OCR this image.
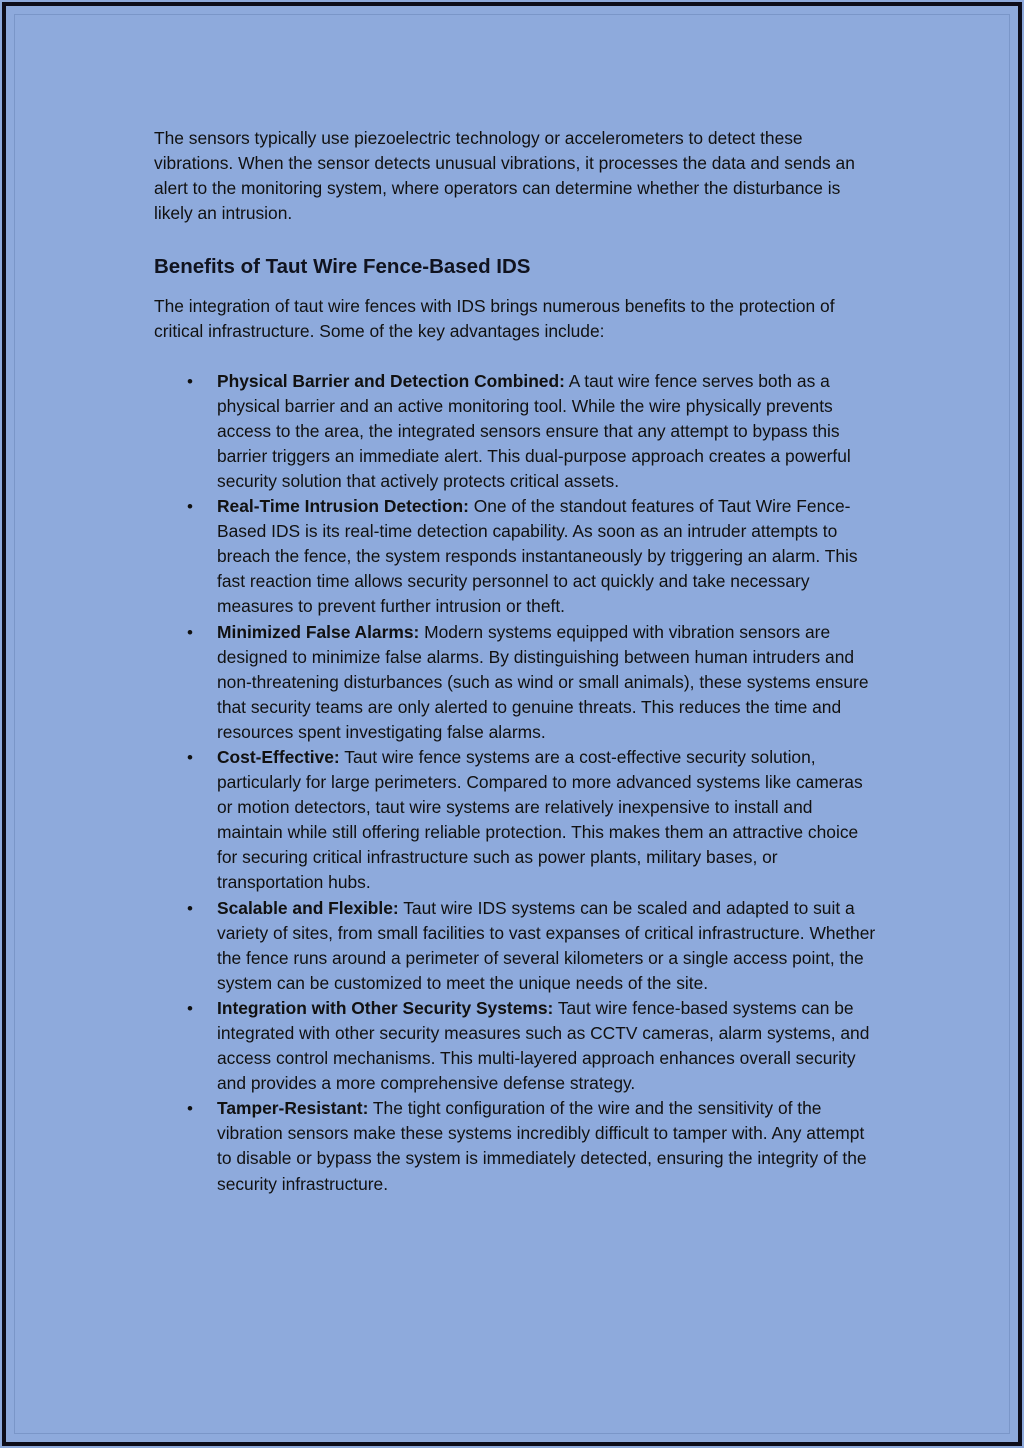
The sensors typically use piezoelectric technology or accelerometers to detect these vibrations. When the sensor detects unusual vibrations, it processes the data and sends an alert to the monitoring system, where operators can determine whether the disturbance is likely an intrusion.

Benefits of Taut Wire Fence-Based IDS

The integration of taut wire fences with IDS brings numerous benefits to the protection of critical infrastructure. Some of the key advantages include:

• Physical Barrier and Detection Combined: A taut wire fence serves both as a physical barrier and an active monitoring tool. While the wire physically prevents access to the area, the integrated sensors ensure that any attempt to bypass this barrier triggers an immediate alert. This dual-purpose approach creates a powerful security solution that actively protects critical assets.
• Real-Time Intrusion Detection: One of the standout features of Taut Wire Fence-Based IDS is its real-time detection capability. As soon as an intruder attempts to breach the fence, the system responds instantaneously by triggering an alarm. This fast reaction time allows security personnel to act quickly and take necessary measures to prevent further intrusion or theft.
• Minimized False Alarms: Modern systems equipped with vibration sensors are designed to minimize false alarms. By distinguishing between human intruders and non-threatening disturbances (such as wind or small animals), these systems ensure that security teams are only alerted to genuine threats. This reduces the time and resources spent investigating false alarms.
• Cost-Effective: Taut wire fence systems are a cost-effective security solution, particularly for large perimeters. Compared to more advanced systems like cameras or motion detectors, taut wire systems are relatively inexpensive to install and maintain while still offering reliable protection. This makes them an attractive choice for securing critical infrastructure such as power plants, military bases, or transportation hubs.
• Scalable and Flexible: Taut wire IDS systems can be scaled and adapted to suit a variety of sites, from small facilities to vast expanses of critical infrastructure. Whether the fence runs around a perimeter of several kilometers or a single access point, the system can be customized to meet the unique needs of the site.
• Integration with Other Security Systems: Taut wire fence-based systems can be integrated with other security measures such as CCTV cameras, alarm systems, and access control mechanisms. This multi-layered approach enhances overall security and provides a more comprehensive defense strategy.
• Tamper-Resistant: The tight configuration of the wire and the sensitivity of the vibration sensors make these systems incredibly difficult to tamper with. Any attempt to disable or bypass the system is immediately detected, ensuring the integrity of the security infrastructure.
